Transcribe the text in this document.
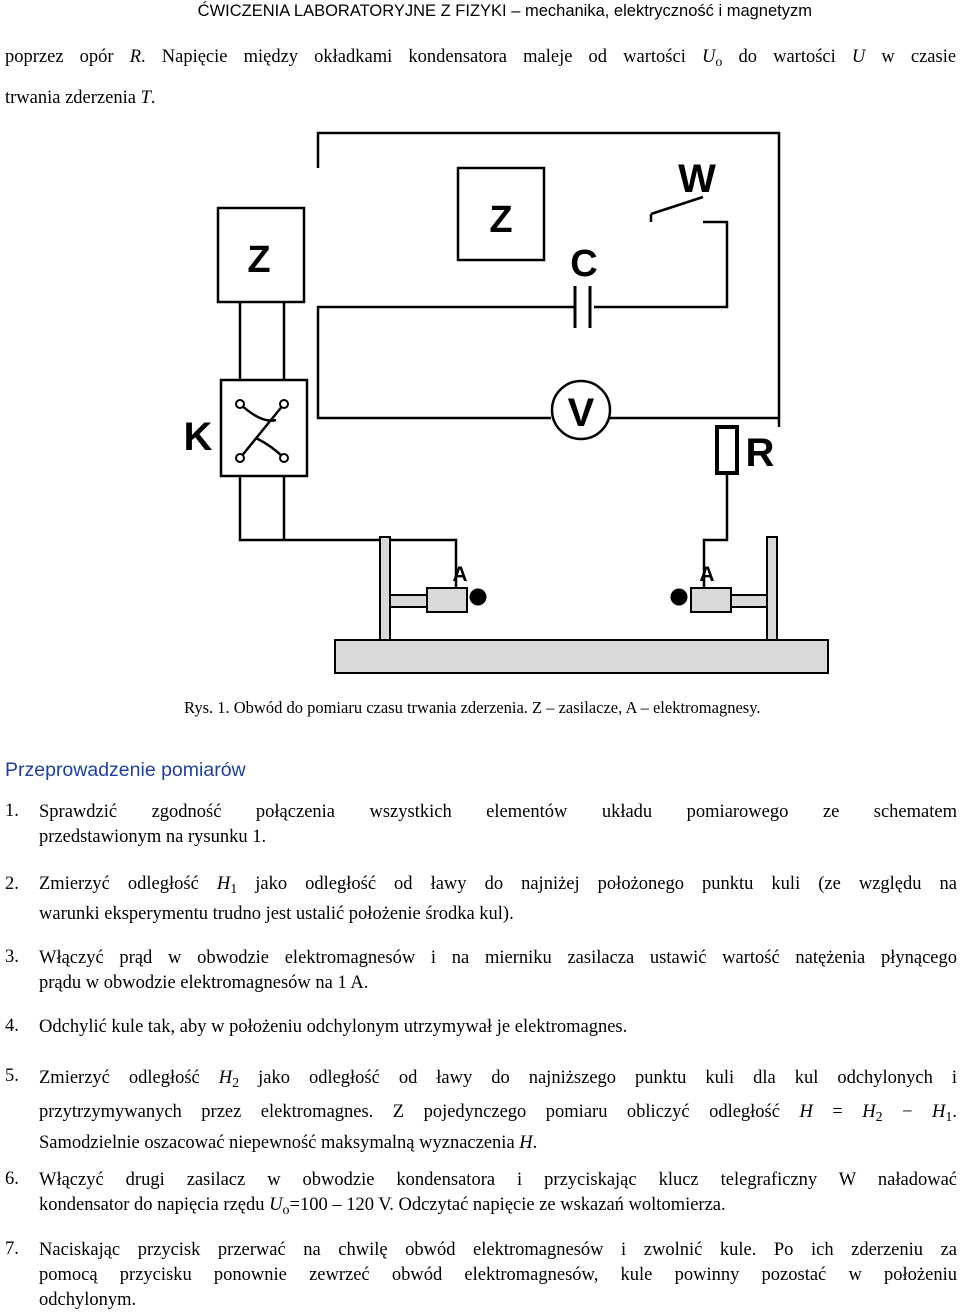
ĆWICZENIA LABORATORYJNE Z FIZYKI – mechanika, elektryczność i magnetyzm
poprzez opór R. Napięcie między okładkami kondensatora maleje od wartości $U_o$ do wartości U w czasie
trwania zderzenia T.
Z
Z
W
C
K
V
R
A	A
Rys. 1. Obwód do pomiaru czasu trwania zderzenia. Z – zasilacze, A – elektromagnesy.
Przeprowadzenie pomiarów
1. Sprawdzić zgodność połączenia wszystkich elementów układu pomiarowego ze schematem
przedstawionym na rysunku 1.
2. Zmierzyć odległość $H_1$ jako odległość od ławy do najniżej położonego punktu kuli (ze względu na
warunki eksperymentu trudno jest ustalić położenie środka kul).
3. Włączyć prąd w obwodzie elektromagnesów i na mierniku zasilacza ustawić wartość natężenia płynącego
prądu w obwodzie elektromagnesów na 1 A.
4. Odchylić kule tak, aby w położeniu odchylonym utrzymywał je elektromagnes.
5. Zmierzyć odległość $H_2$ jako odległość od ławy do najniższego punktu kuli dla kul odchylonych i
przytrzymywanych przez elektromagnes. Z pojedynczego pomiaru obliczyć odległość $H = H_2 - H_1$.
Samodzielnie oszacować niepewność maksymalną wyznaczenia H.
6. Włączyć drugi zasilacz w obwodzie kondensatora i przyciskając klucz telegraficzny W naładować
kondensator do napięcia rzędu $U_o=100 - 120$ V. Odczytać napięcie ze wskazań woltomierza.
7. Naciskając przycisk przerwać na chwilę obwód elektromagnesów i zwolnić kule. Po ich zderzeniu za
pomocą przycisku ponownie zewrzeć obwód elektromagnesów, kule powinny pozostać w położeniu
odchylonym.
